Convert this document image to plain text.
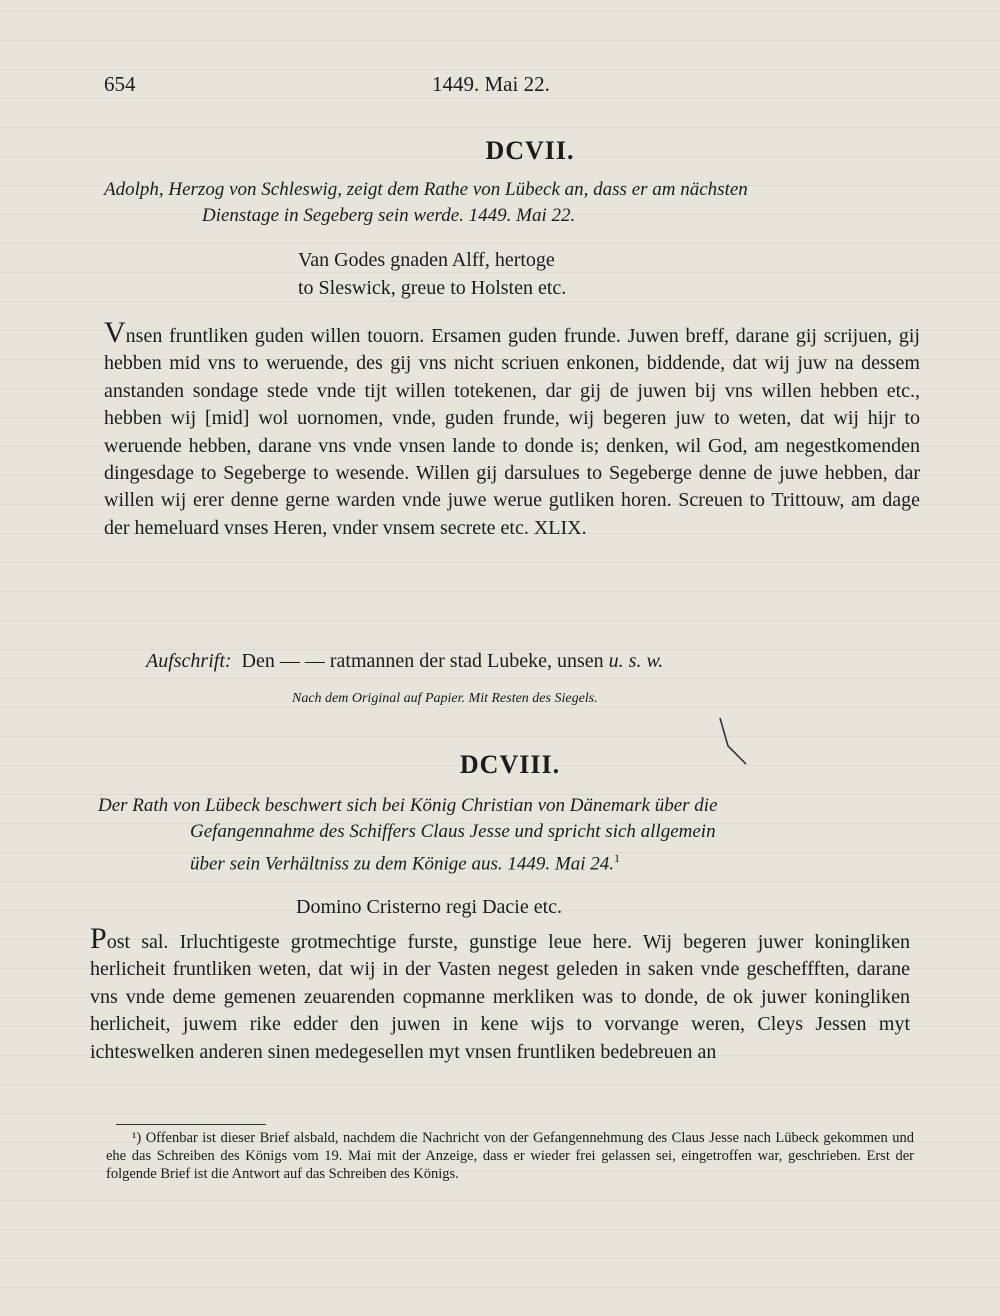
654	1449. Mai 22.
DCVII.
Adolph, Herzog von Schleswig, zeigt dem Rathe von Lübeck an, dass er am nächsten
Dienstage in Segeberg sein werde. 1449. Mai 22.
Van Godes gnaden Alff, hertoge
to Sleswick, greue to Holsten etc.
Vnsen fruntliken guden willen touorn. Ersamen guden frunde. Juwen breff, darane gij scrijuen, gij hebben mid vns to weruende, des gij vns nicht scriuen enkonen, biddende, dat wij juw na dessem anstanden sondage stede vnde tijt willen totekenen, dar gij de juwen bij vns willen hebben etc., hebben wij [mid] wol uornomen, vnde, guden frunde, wij begeren juw to weten, dat wij hijr to weruende hebben, darane vns vnde vnsen lande to donde is; denken, wil God, am negestkomenden dingesdage to Segeberge to wesende. Willen gij darsulues to Segeberge denne de juwe hebben, dar willen wij erer denne gerne warden vnde juwe werue gutliken horen. Screuen to Trittouw, am dage der hemeluard vnses Heren, vnder vnsem secrete etc. XLIX.
Aufschrift: Den — — ratmannen der stad Lubeke, unsen u. s. w.
Nach dem Original auf Papier. Mit Resten des Siegels.
DCVIII.
Der Rath von Lübeck beschwert sich bei König Christian von Dänemark über die
Gefangennahme des Schiffers Claus Jesse und spricht sich allgemein
über sein Verhältniss zu dem Könige aus. 1449. Mai 24.$^1$
Domino Cristerno regi Dacie etc.
Post sal. Irluchtigeste grotmechtige furste, gunstige leue here. Wij begeren juwer koningliken herlicheit fruntliken weten, dat wij in der Vasten negest geleden in saken vnde gescheffften, darane vns vnde deme gemenen zeuarenden copmanne merkliken was to donde, de ok juwer koningliken herlicheit, juwem rike edder den juwen in kene wijs to vorvange weren, Cleys Jessen myt ichteswelken anderen sinen medegesellen myt vnsen fruntliken bedebreuen an
¹) Offenbar ist dieser Brief alsbald, nachdem die Nachricht von der Gefangennehmung des Claus Jesse nach Lübeck gekommen und ehe das Schreiben des Königs vom 19. Mai mit der Anzeige, dass er wieder frei gelassen sei, eingetroffen war, geschrieben. Erst der folgende Brief ist die Antwort auf das Schreiben des Königs.
